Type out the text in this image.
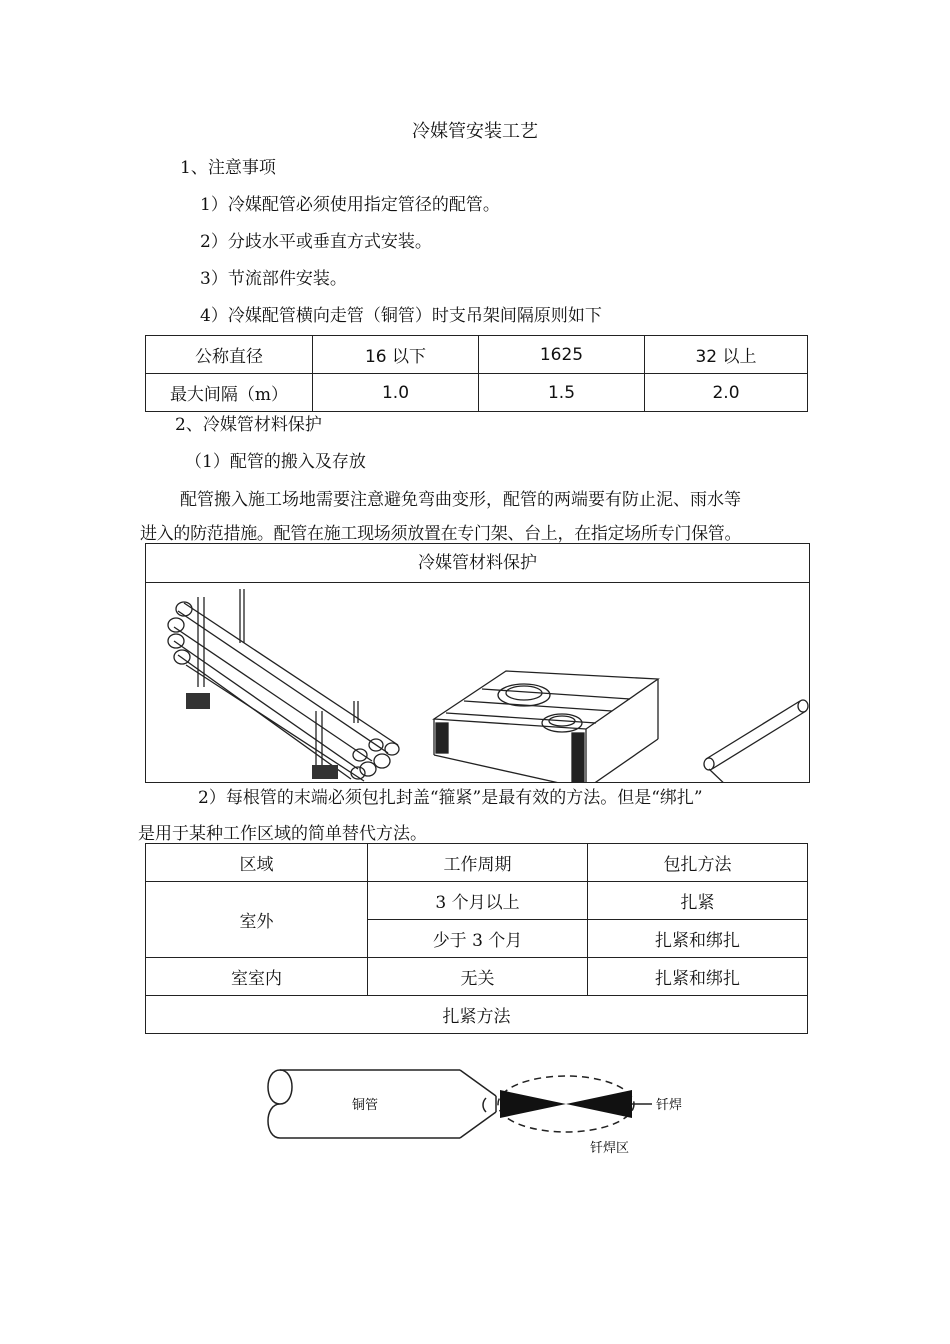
冷媒管安装工艺
1、注意事项
1）冷媒配管必须使用指定管径的配管。
2）分歧水平或垂直方式安装。
3）节流部件安装。
4）冷媒配管横向走管（铜管）时支吊架间隔原则如下
公称直径	16 以下	1625	32 以上
最大间隔（m）	1.0	1.5	2.0
2、冷媒管材料保护
（1）配管的搬入及存放
配管搬入施工场地需要注意避免弯曲变形，配管的两端要有防止泥、雨水等
进入的防范措施。配管在施工现场须放置在专门架、台上，在指定场所专门保管。
冷媒管材料保护
2）每根管的末端必须包扎封盖“箍紧”是最有效的方法。但是“绑扎”
是用于某种工作区域的简单替代方法。
区域	工作周期	包扎方法
室外	3 个月以上	扎紧
	少于 3 个月	扎紧和绑扎
室室内	无关	扎紧和绑扎
扎紧方法		
铜管	钎焊
钎焊区
